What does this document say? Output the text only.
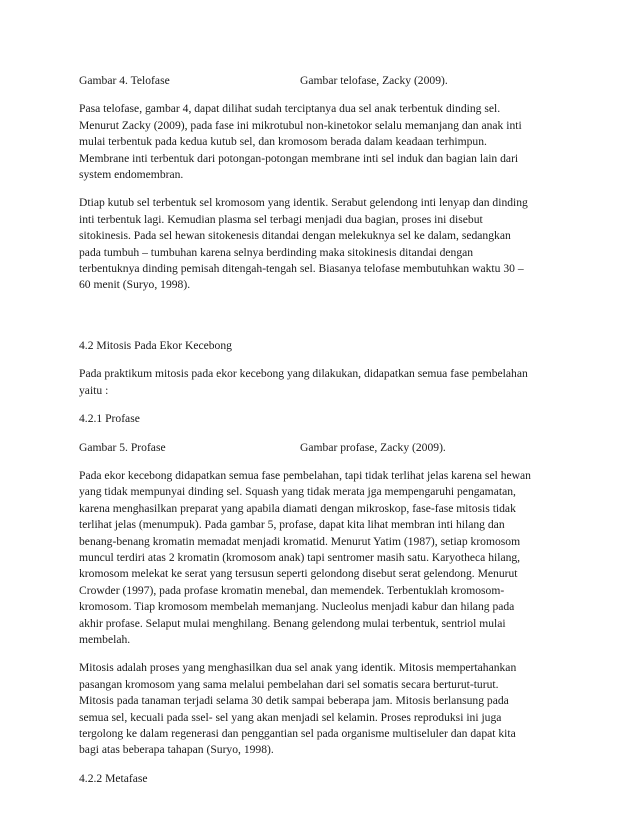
Gambar 4. Telofase	Gambar telofase, Zacky (2009).
Pasa telofase, gambar 4, dapat dilihat sudah terciptanya dua sel anak terbentuk dinding sel.
Menurut Zacky (2009), pada fase ini mikrotubul non-kinetokor selalu memanjang dan anak inti
mulai terbentuk pada kedua kutub sel, dan kromosom berada dalam keadaan terhimpun.
Membrane inti terbentuk dari potongan-potongan membrane inti sel induk dan bagian lain dari
system endomembran.
Dtiap kutub sel terbentuk sel kromosom yang identik. Serabut gelendong inti lenyap dan dinding
inti terbentuk lagi. Kemudian plasma sel terbagi menjadi dua bagian, proses ini disebut
sitokinesis. Pada sel hewan sitokenesis ditandai dengan melekuknya sel ke dalam, sedangkan
pada tumbuh – tumbuhan karena selnya berdinding maka sitokinesis ditandai dengan
terbentuknya dinding pemisah ditengah-tengah sel. Biasanya telofase membutuhkan waktu 30 –
60 menit (Suryo, 1998).
4.2 Mitosis Pada Ekor Kecebong
Pada praktikum mitosis pada ekor kecebong yang dilakukan, didapatkan semua fase pembelahan
yaitu :
4.2.1 Profase
Gambar 5. Profase	Gambar profase, Zacky (2009).
Pada ekor kecebong didapatkan semua fase pembelahan, tapi tidak terlihat jelas karena sel hewan
yang tidak mempunyai dinding sel. Squash yang tidak merata jga mempengaruhi pengamatan,
karena menghasilkan preparat yang apabila diamati dengan mikroskop, fase-fase mitosis tidak
terlihat jelas (menumpuk). Pada gambar 5, profase, dapat kita lihat membran inti hilang dan
benang-benang kromatin memadat menjadi kromatid. Menurut Yatim (1987), setiap kromosom
muncul terdiri atas 2 kromatin (kromosom anak) tapi sentromer masih satu. Karyotheca hilang,
kromosom melekat ke serat yang tersusun seperti gelondong disebut serat gelendong. Menurut
Crowder (1997), pada profase kromatin menebal, dan memendek. Terbentuklah kromosom-
kromosom. Tiap kromosom membelah memanjang. Nucleolus menjadi kabur dan hilang pada
akhir profase. Selaput mulai menghilang. Benang gelendong mulai terbentuk, sentriol mulai
membelah.
Mitosis adalah proses yang menghasilkan dua sel anak yang identik. Mitosis mempertahankan
pasangan kromosom yang sama melalui pembelahan dari sel somatis secara berturut-turut.
Mitosis pada tanaman terjadi selama 30 detik sampai beberapa jam. Mitosis berlansung pada
semua sel, kecuali pada ssel- sel yang akan menjadi sel kelamin. Proses reproduksi ini juga
tergolong ke dalam regenerasi dan penggantian sel pada organisme multiseluler dan dapat kita
bagi atas beberapa tahapan (Suryo, 1998).
4.2.2 Metafase
